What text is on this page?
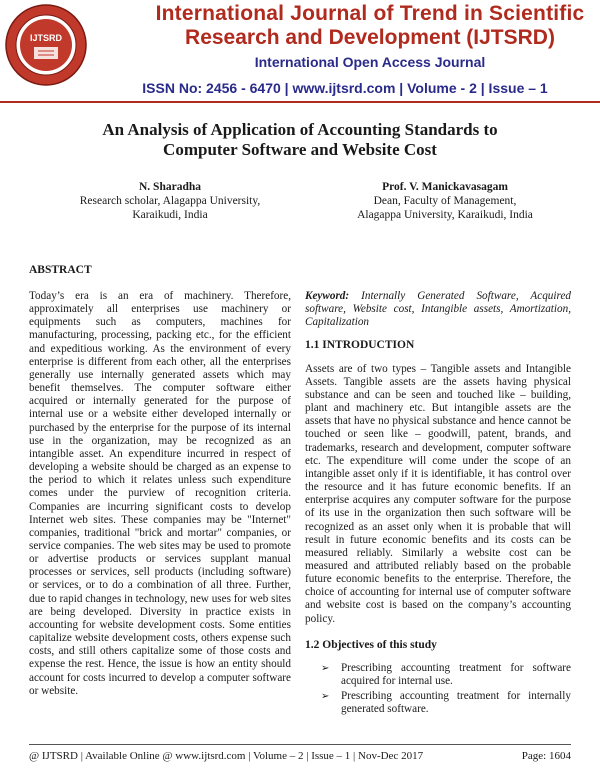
IJTSRD
International Journal of Trend in Scientific
Research and Development (IJTSRD)
International Open Access Journal
ISSN No: 2456 - 6470 | www.ijtsrd.com | Volume - 2 | Issue – 1
An Analysis of Application of Accounting Standards to
Computer Software and Website Cost
N. Sharadha
Research scholar, Alagappa University,
Karaikudi, India
Prof. V. Manickavasagam
Dean, Faculty of Management,
Alagappa University, Karaikudi, India
ABSTRACT

Today’s era is an era of machinery. Therefore, approximately all enterprises use machinery or equipments such as computers, machines for manufacturing, processing, packing etc., for the efficient and expeditious working. As the environment of every enterprise is different from each other, all the enterprises generally use internally generated assets which may benefit themselves. The computer software either acquired or internally generated for the purpose of internal use or a website either developed internally or purchased by the enterprise for the purpose of its internal use in the organization, may be recognized as an intangible asset. An expenditure incurred in respect of developing a website should be charged as an expense to the period to which it relates unless such expenditure comes under the purview of recognition criteria. Companies are incurring significant costs to develop Internet web sites. These companies may be "Internet" companies, traditional "brick and mortar" companies, or service companies. The web sites may be used to promote or advertise products or services supplant manual processes or services, sell products (including software) or services, or to do a combination of all three. Further, due to rapid changes in technology, new uses for web sites are being developed. Diversity in practice exists in accounting for website development costs. Some entities capitalize website development costs, others expense such costs, and still others capitalize some of those costs and expense the rest. Hence, the issue is how an entity should account for costs incurred to develop a computer software or website.

Keyword: Internally Generated Software, Acquired software, Website cost, Intangible assets, Amortization, Capitalization

1.1 INTRODUCTION

Assets are of two types – Tangible assets and Intangible Assets. Tangible assets are the assets having physical substance and can be seen and touched like – building, plant and machinery etc. But intangible assets are the assets that have no physical substance and hence cannot be touched or seen like – goodwill, patent, brands, and trademarks, research and development, computer software etc. The expenditure will come under the scope of an intangible asset only if it is identifiable, it has control over the resource and it has future economic benefits. If an enterprise acquires any computer software for the purpose of its use in the organization then such software will be recognized as an asset only when it is probable that will result in future economic benefits and its costs can be measured reliably. Similarly a website cost can be measured and attributed reliably based on the probable future economic benefits to the enterprise. Therefore, the choice of accounting for internal use of computer software and website cost is based on the company’s accounting policy.

1.2 Objectives of this study

➢ Prescribing accounting treatment for software acquired for internal use.
➢ Prescribing accounting treatment for internally generated software.
@ IJTSRD | Available Online @ www.ijtsrd.com | Volume – 2 | Issue – 1 | Nov-Dec 2017	Page: 1604
